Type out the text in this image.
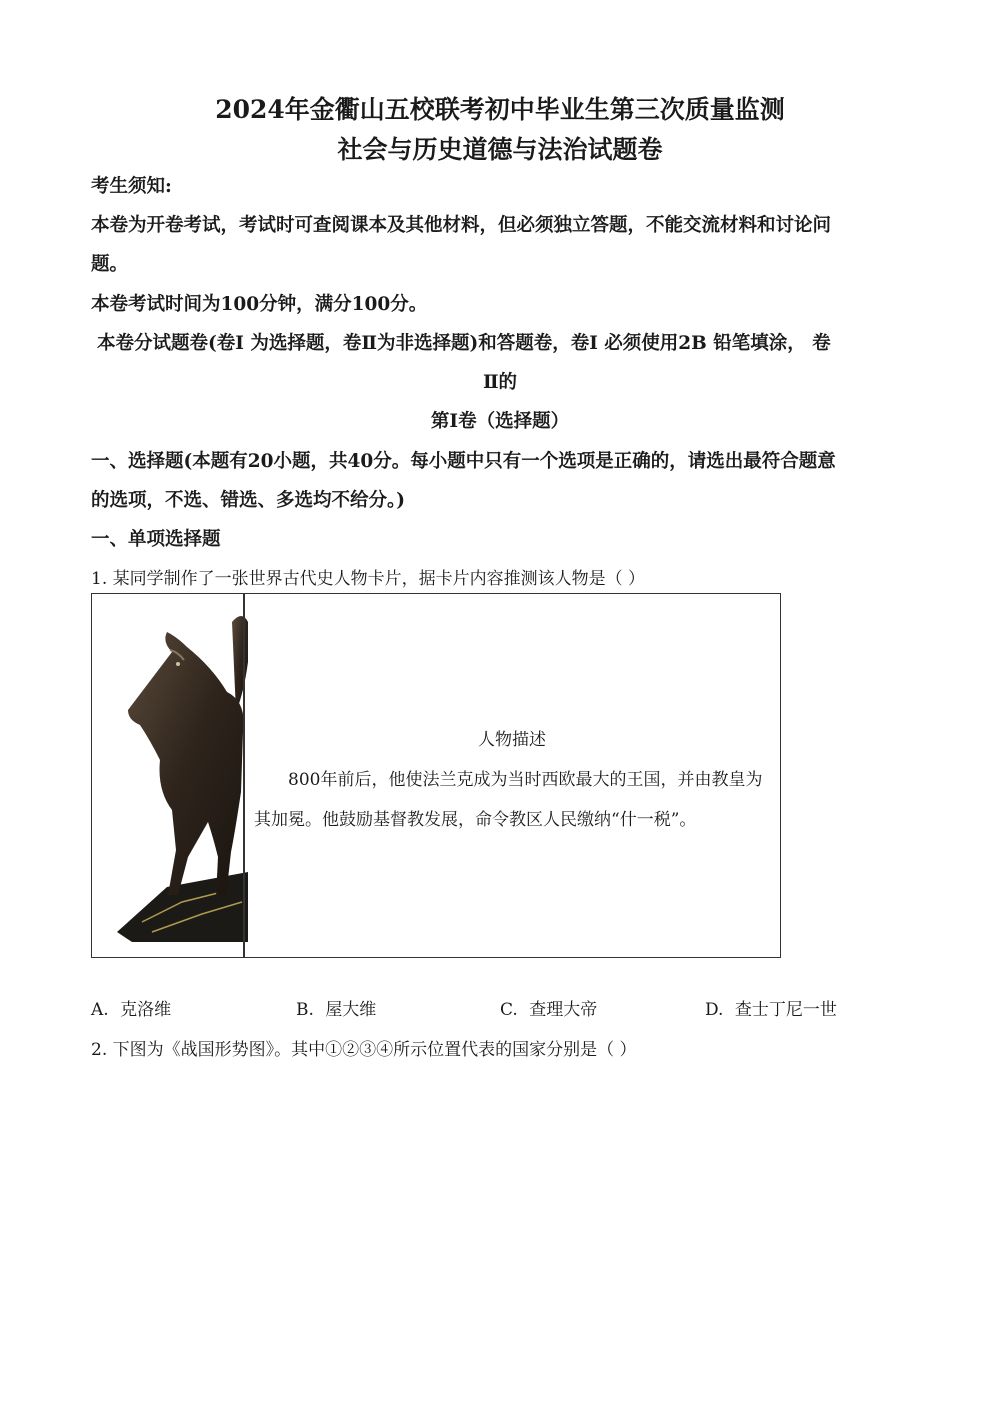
2024年金衢山五校联考初中毕业生第三次质量监测
社会与历史道德与法治试题卷
考生须知:
本卷为开卷考试，考试时可查阅课本及其他材料，但必须独立答题，不能交流材料和讨论问
题。
本卷考试时间为100分钟，满分100分。
本卷分试题卷(卷Ⅰ 为选择题，卷Ⅱ为非选择题)和答题卷，卷Ⅰ 必须使用2B 铅笔填涂， 卷
Ⅱ的
第Ⅰ卷（选择题）
一、选择题(本题有20小题，共40分。每小题中只有一个选项是正确的，请选出最符合题意
的选项，不选、错选、多选均不给分。)
一、单项选择题
1. 某同学制作了一张世界古代史人物卡片，据卡片内容推测该人物是（ ）
人物描述
800年前后，他使法兰克成为当时西欧最大的王国，并由教皇为其加冕。他鼓励基督教发展，命令教区人民缴纳“什一税”。
A. 克洛维	B. 屋大维	C. 查理大帝	D. 查士丁尼一世
2. 下图为《战国形势图》。其中①②③④所示位置代表的国家分别是（ ）
